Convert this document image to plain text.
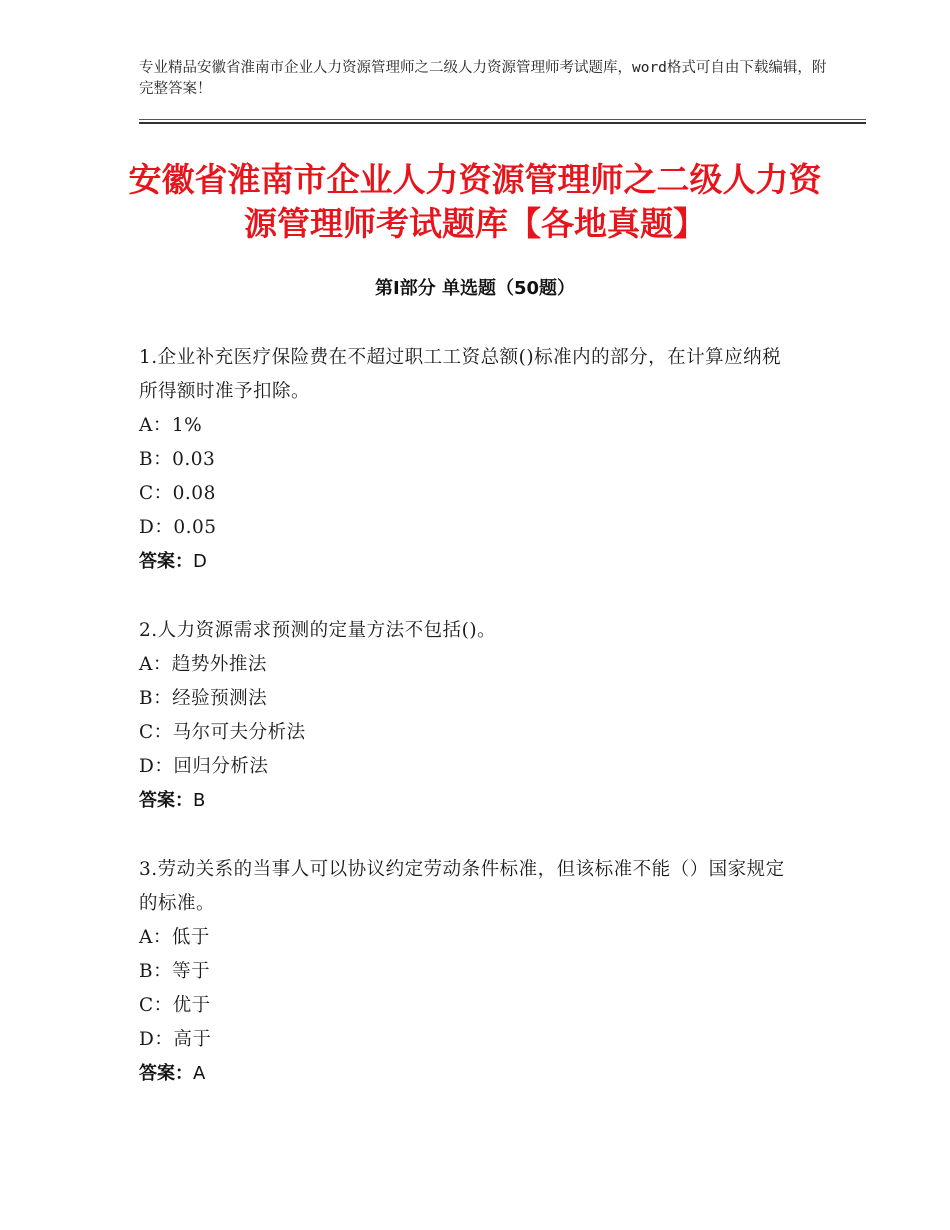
专业精品安徽省淮南市企业人力资源管理师之二级人力资源管理师考试题库，word格式可自由下载编辑，附完整答案！
安徽省淮南市企业人力资源管理师之二级人力资源管理师考试题库【各地真题】
第Ⅰ部分 单选题（50题）

1.企业补充医疗保险费在不超过职工工资总额()标准内的部分，在计算应纳税所得额时准予扣除。

A：1%

B：0.03

C：0.08

D：0.05

答案：D

2.人力资源需求预测的定量方法不包括()。

A：趋势外推法

B：经验预测法

C：马尔可夫分析法

D：回归分析法

答案：B

3.劳动关系的当事人可以协议约定劳动条件标准，但该标准不能（）国家规定的标准。

A：低于

B：等于

C：优于

D：高于

答案：A
